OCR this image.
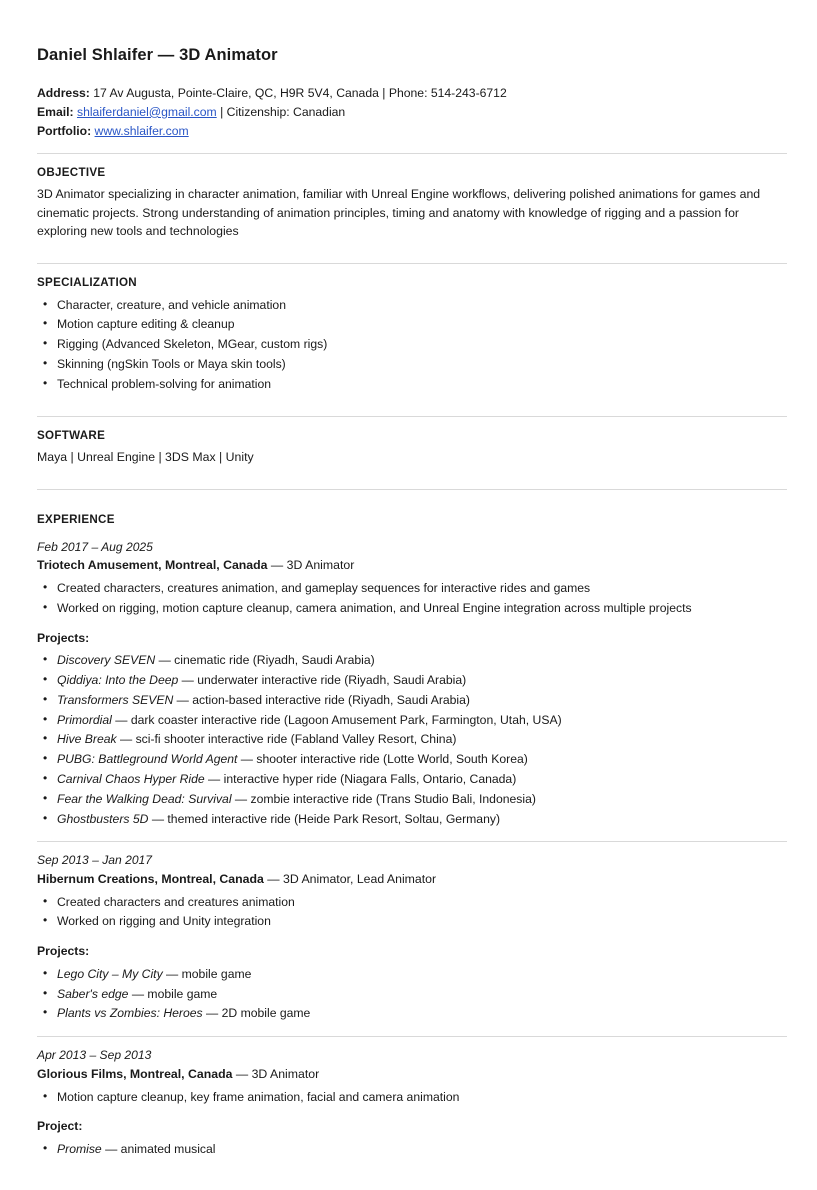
Daniel Shlaifer — 3D Animator
Address: 17 Av Augusta, Pointe-Claire, QC, H9R 5V4, Canada | Phone: 514-243-6712
Email: shlaiferdaniel@gmail.com | Citizenship: Canadian
Portfolio: www.shlaifer.com
OBJECTIVE

3D Animator specializing in character animation, familiar with Unreal Engine workflows, delivering polished animations for games and cinematic projects. Strong understanding of animation principles, timing and anatomy with knowledge of rigging and a passion for exploring new tools and technologies

SPECIALIZATION
• Character, creature, and vehicle animation
• Motion capture editing & cleanup
• Rigging (Advanced Skeleton, MGear, custom rigs)
• Skinning (ngSkin Tools or Maya skin tools)
• Technical problem-solving for animation
SOFTWARE
Maya | Unreal Engine | 3DS Max | Unity
EXPERIENCE
Feb 2017 – Aug 2025
Triotech Amusement, Montreal, Canada — 3D Animator
• Created characters, creatures animation, and gameplay sequences for interactive rides and games
• Worked on rigging, motion capture cleanup, camera animation, and Unreal Engine integration across multiple projects
Projects:
• Discovery SEVEN — cinematic ride (Riyadh, Saudi Arabia)
• Qiddiya: Into the Deep — underwater interactive ride (Riyadh, Saudi Arabia)
• Transformers SEVEN — action-based interactive ride (Riyadh, Saudi Arabia)
• Primordial — dark coaster interactive ride (Lagoon Amusement Park, Farmington, Utah, USA)
• Hive Break — sci-fi shooter interactive ride (Fabland Valley Resort, China)
• PUBG: Battleground World Agent — shooter interactive ride (Lotte World, South Korea)
• Carnival Chaos Hyper Ride — interactive hyper ride (Niagara Falls, Ontario, Canada)
• Fear the Walking Dead: Survival — zombie interactive ride (Trans Studio Bali, Indonesia)
• Ghostbusters 5D — themed interactive ride (Heide Park Resort, Soltau, Germany)
Sep 2013 – Jan 2017
Hibernum Creations, Montreal, Canada — 3D Animator, Lead Animator
• Created characters and creatures animation
• Worked on rigging and Unity integration
Projects:
• Lego City – My City — mobile game
• Saber's edge — mobile game
• Plants vs Zombies: Heroes — 2D mobile game
Apr 2013 – Sep 2013
Glorious Films, Montreal, Canada — 3D Animator
• Motion capture cleanup, key frame animation, facial and camera animation
Project:
• Promise — animated musical
